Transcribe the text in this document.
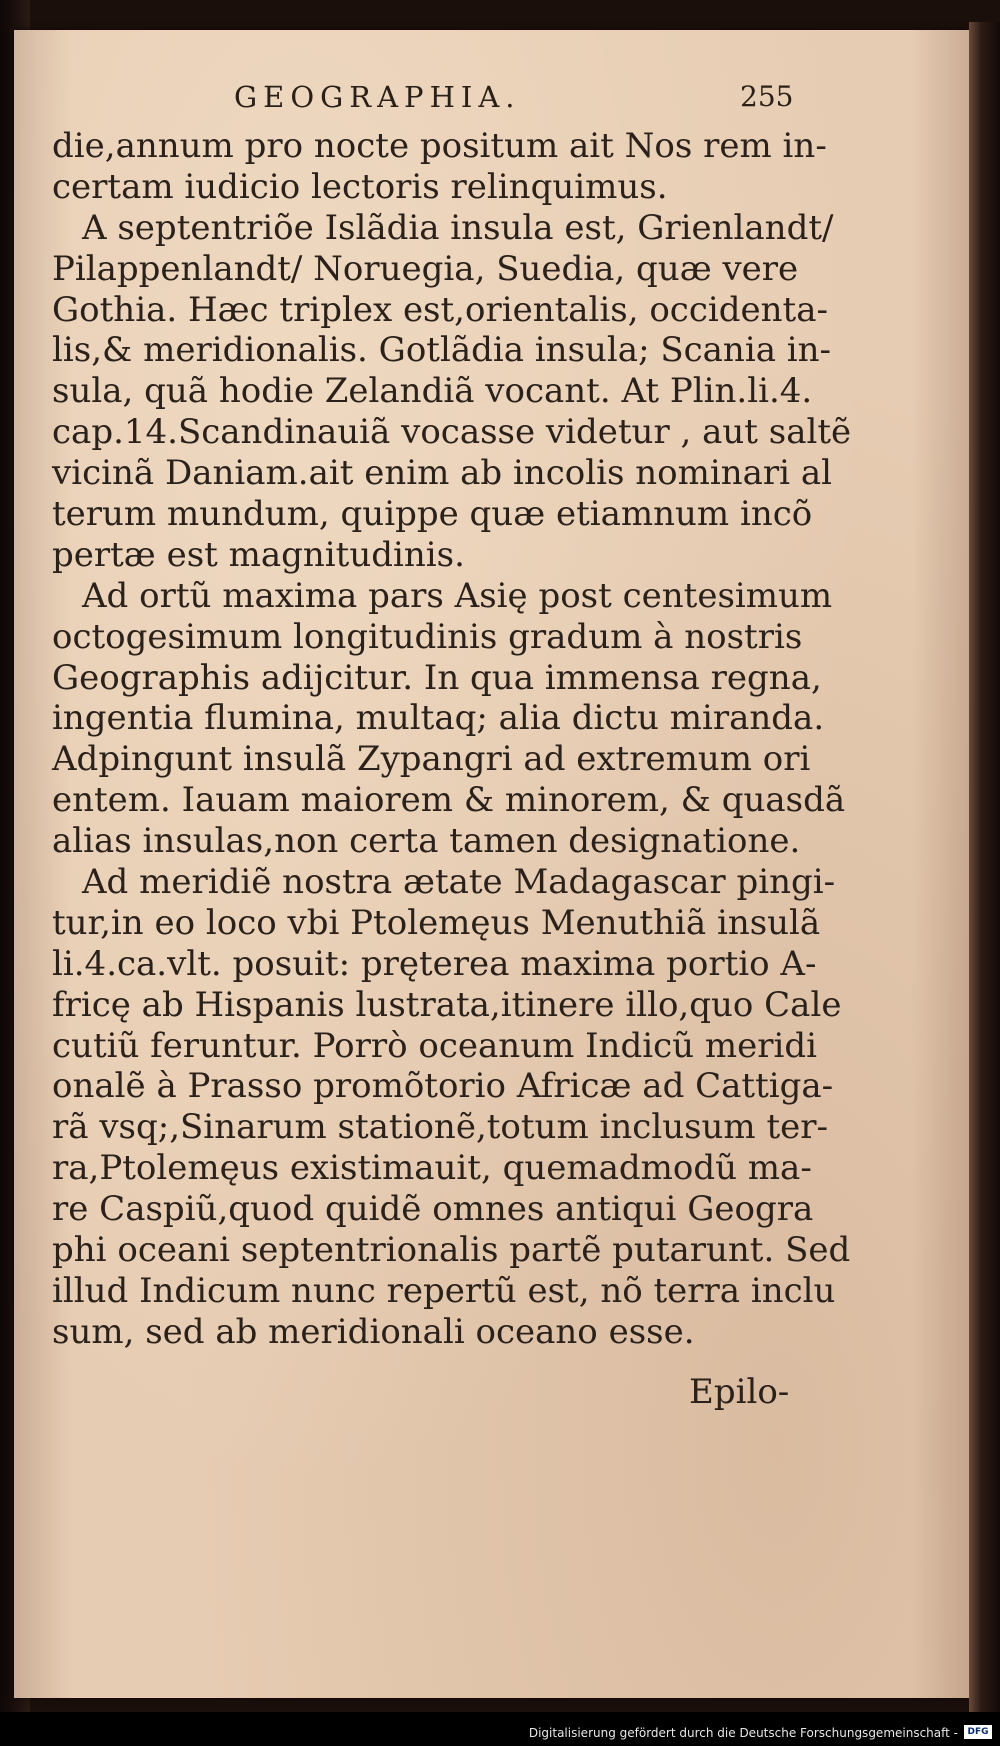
GEOGRAPHIA.	255
die,annum pro nocte positum ait Nos rem in-
certam iudicio lectoris relinquimus.
A septentriõe Islãdia insula est, Grienlandt/
Pilappenlandt/ Noruegia, Suedia, quæ vere
Gothia. Hæc triplex est,orientalis, occidenta-
lis,& meridionalis. Gotlãdia insula; Scania in-
sula, quã hodie Zelandiã vocant. At Plin.li.4.
cap.14.Scandinauiã vocasse videtur , aut saltẽ
vicinã Daniam.ait enim ab incolis nominari al
terum mundum, quippe quæ etiamnum incõ
pertæ est magnitudinis.
Ad ortũ maxima pars Asię post centesimum
octogesimum longitudinis gradum à nostris
Geographis adijcitur. In qua immensa regna,
ingentia flumina, multaq; alia dictu miranda.
Adpingunt insulã Zypangri ad extremum ori
entem. Iauam maiorem & minorem, & quasdã
alias insulas,non certa tamen designatione.
Ad meridiẽ nostra ætate Madagascar pingi-
tur,in eo loco vbi Ptolemęus Menuthiã insulã
li.4.ca.vlt. posuit: pręterea maxima portio A-
fricę ab Hispanis lustrata,itinere illo,quo Cale
cutiũ feruntur. Porrò oceanum Indicũ meridi
onalẽ à Prasso promõtorio Africæ ad Cattiga-
rã vsq;,Sinarum stationẽ,totum inclusum ter-
ra,Ptolemęus existimauit, quemadmodũ ma-
re Caspiũ,quod quidẽ omnes antiqui Geogra
phi oceani septentrionalis partẽ putarunt. Sed
illud Indicum nunc repertũ est, nõ terra inclu
sum, sed ab meridionali oceano esse.
Epilo-
Digitalisierung gefördert durch die Deutsche Forschungsgemeinschaft -	DFG
